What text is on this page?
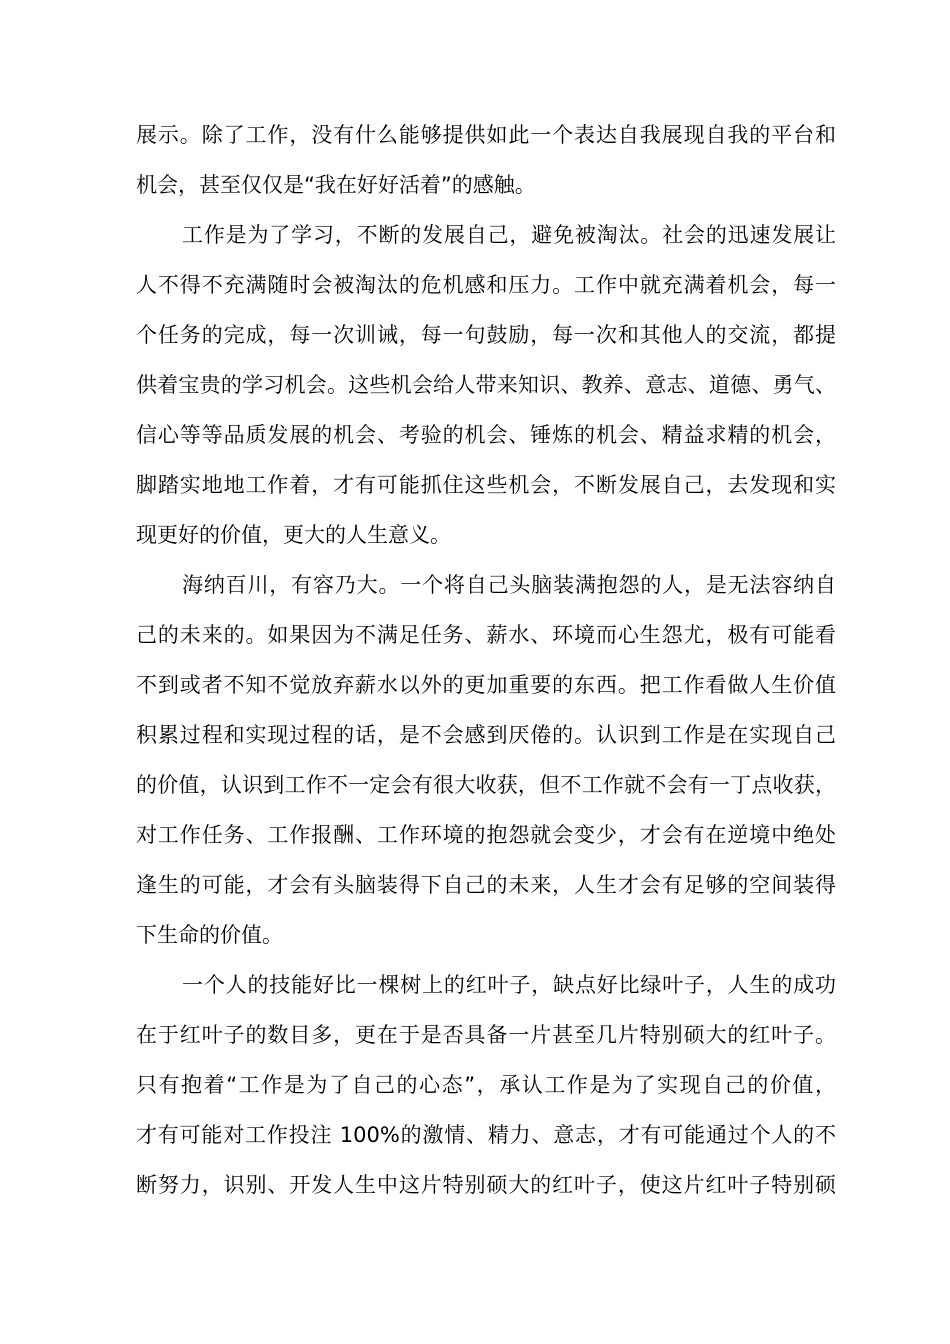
展示。除了工作，没有什么能够提供如此一个表达自我展现自我的平台和
机会，甚至仅仅是“我在好好活着”的感触。
工作是为了学习，不断的发展自己，避免被淘汰。社会的迅速发展让
人不得不充满随时会被淘汰的危机感和压力。工作中就充满着机会，每一
个任务的完成，每一次训诫，每一句鼓励，每一次和其他人的交流，都提
供着宝贵的学习机会。这些机会给人带来知识、教养、意志、道德、勇气、
信心等等品质发展的机会、考验的机会、锤炼的机会、精益求精的机会，
脚踏实地地工作着，才有可能抓住这些机会，不断发展自己，去发现和实
现更好的价值，更大的人生意义。
海纳百川，有容乃大。一个将自己头脑装满抱怨的人，是无法容纳自
己的未来的。如果因为不满足任务、薪水、环境而心生怨尤，极有可能看
不到或者不知不觉放弃薪水以外的更加重要的东西。把工作看做人生价值
积累过程和实现过程的话，是不会感到厌倦的。认识到工作是在实现自己
的价值，认识到工作不一定会有很大收获，但不工作就不会有一丁点收获，
对工作任务、工作报酬、工作环境的抱怨就会变少，才会有在逆境中绝处
逢生的可能，才会有头脑装得下自己的未来，人生才会有足够的空间装得
下生命的价值。
一个人的技能好比一棵树上的红叶子，缺点好比绿叶子，人生的成功
在于红叶子的数目多，更在于是否具备一片甚至几片特别硕大的红叶子。
只有抱着“工作是为了自己的心态”，承认工作是为了实现自己的价值，
才有可能对工作投注 100%的激情、精力、意志，才有可能通过个人的不
断努力，识别、开发人生中这片特别硕大的红叶子，使这片红叶子特别硕
